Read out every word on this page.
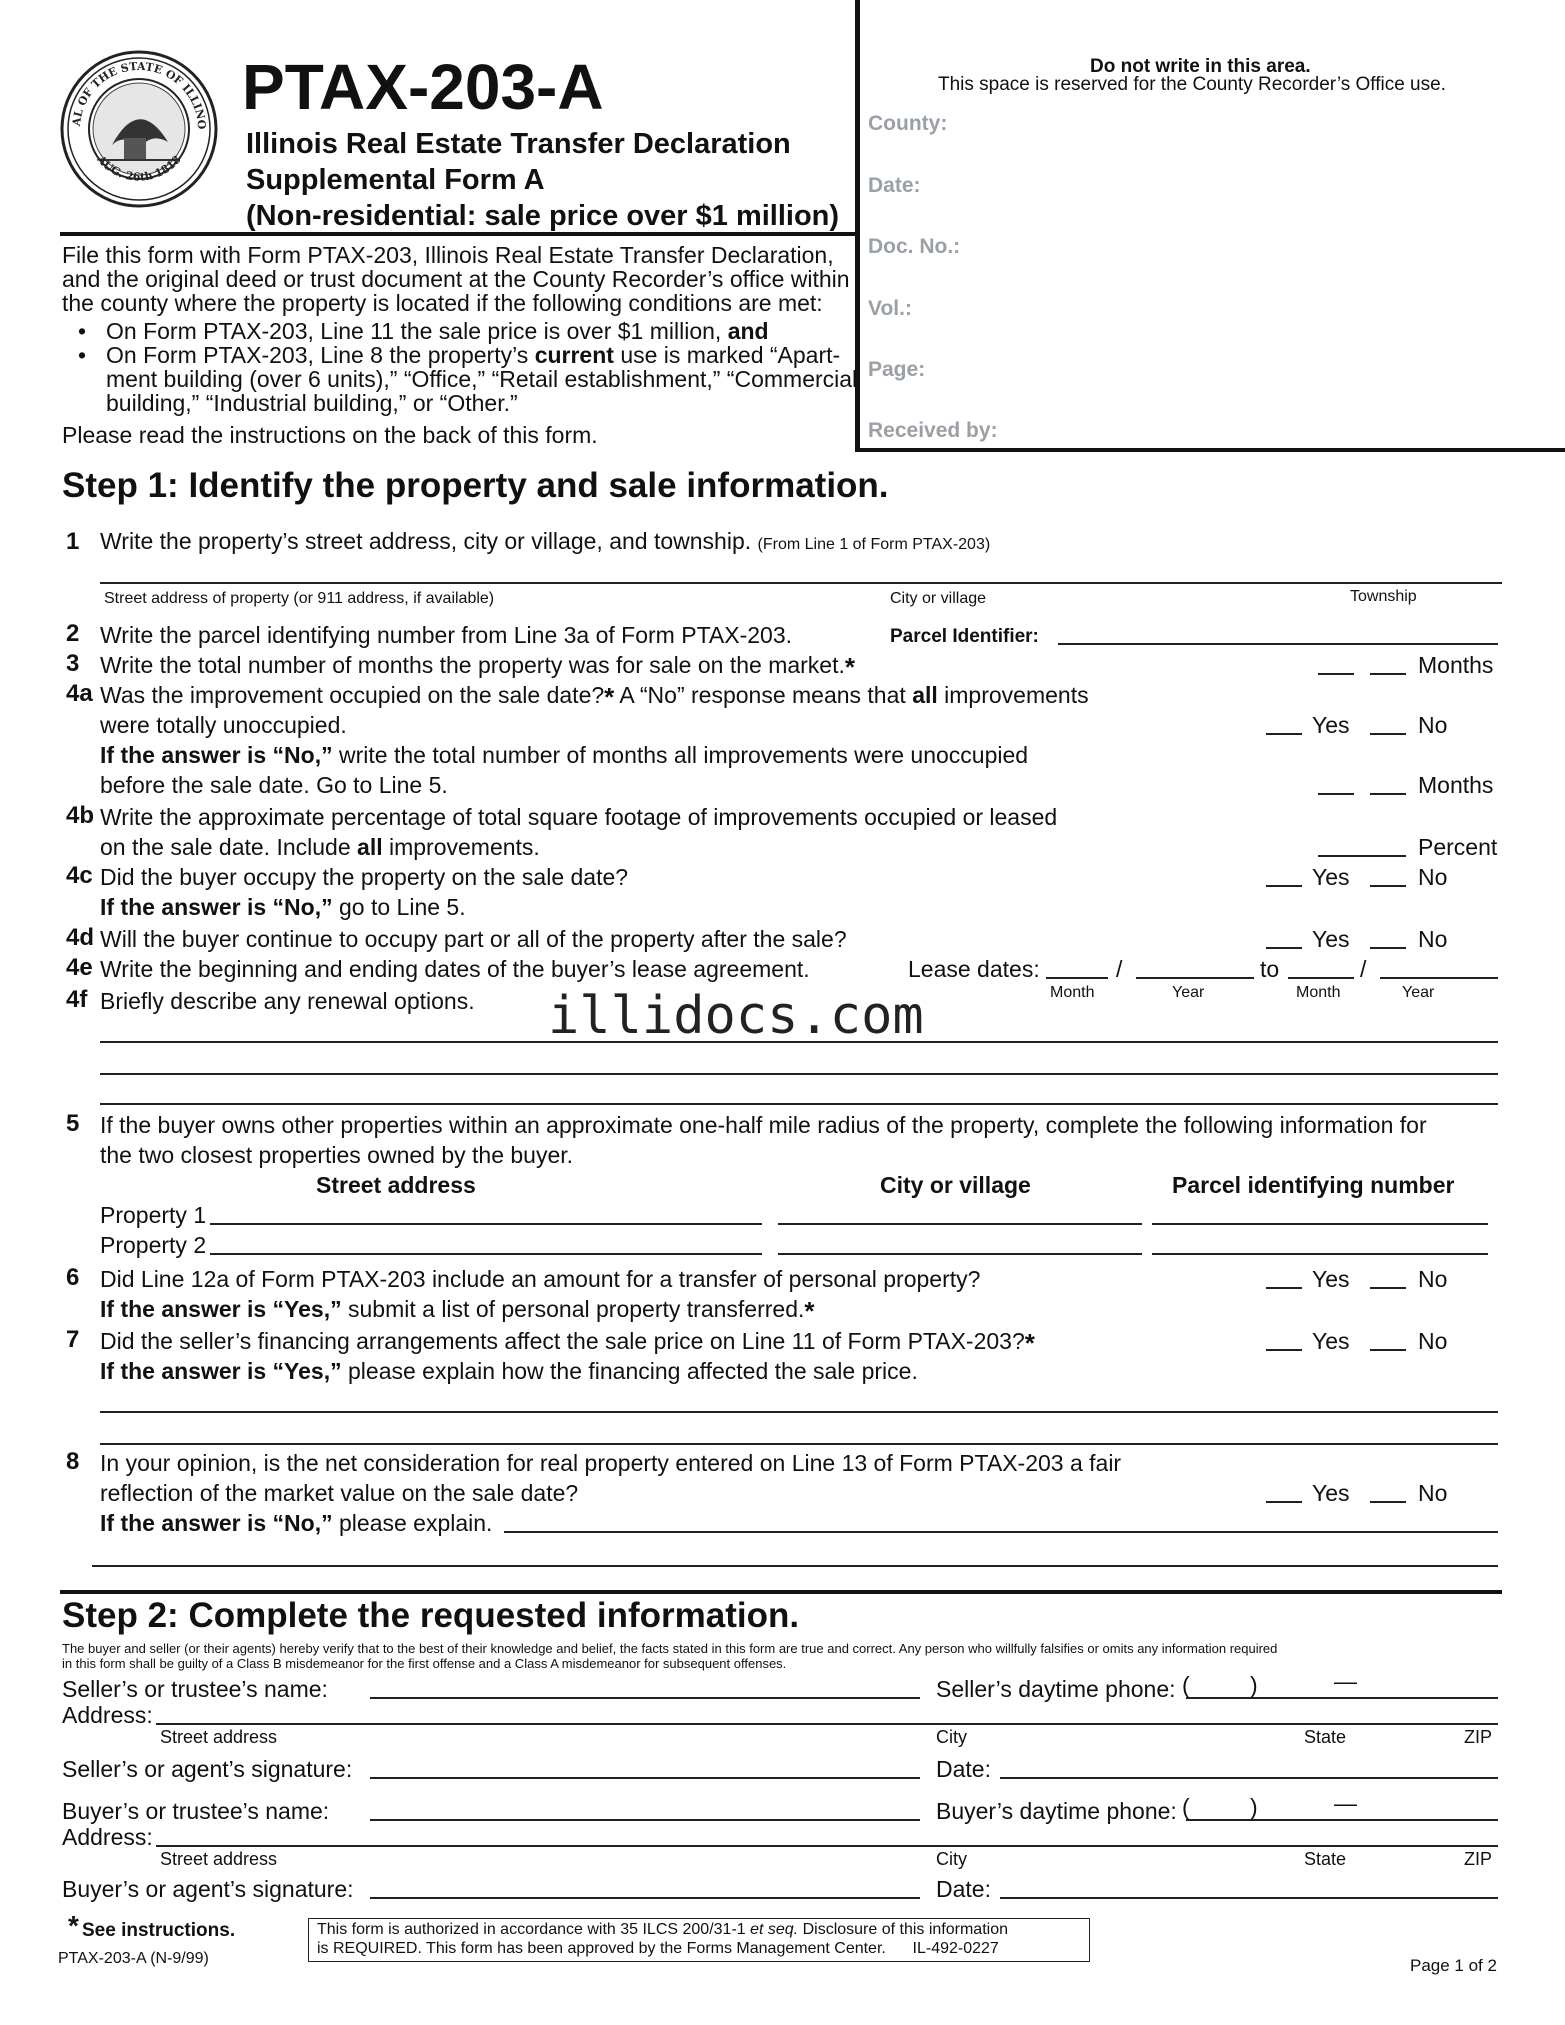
AL OF THE STATE OF ILLINO
AUG. 26th 1818
PTAX-203-A
Illinois Real Estate Transfer Declaration
Supplemental Form A
(Non-residential: sale price over $1 million)
File this form with Form PTAX-203, Illinois Real Estate Transfer Declaration,
and the original deed or trust document at the County Recorder’s office within
the county where the property is located if the following conditions are met:
• On Form PTAX-203, Line 11 the sale price is over $1 million, and
• On Form PTAX-203, Line 8 the property’s current use is marked “Apart-
ment building (over 6 units),” “Office,” “Retail establishment,” “Commercial
building,” “Industrial building,” or “Other.”
Please read the instructions on the back of this form.
Do not write in this area.
This space is reserved for the County Recorder’s Office use.
County:
Date:
Doc. No.:
Vol.:
Page:
Received by:
Step 1: Identify the property and sale information.
1 Write the property’s street address, city or village, and township. (From Line 1 of Form PTAX-203)
Street address of property (or 911 address, if available)	City or village	Township
2 Write the parcel identifying number from Line 3a of Form PTAX-203.	Parcel Identifier:
3 Write the total number of months the property was for sale on the market.*	Months
4a Was the improvement occupied on the sale date?* A “No” response means that all improvements
were totally unoccupied.	Yes	No
If the answer is “No,” write the total number of months all improvements were unoccupied
before the sale date. Go to Line 5.	Months
4b Write the approximate percentage of total square footage of improvements occupied or leased
on the sale date. Include all improvements.	Percent
4c Did the buyer occupy the property on the sale date?	Yes	No
If the answer is “No,” go to Line 5.
4d Will the buyer continue to occupy part or all of the property after the sale?	Yes	No
4e Write the beginning and ending dates of the buyer’s lease agreement.	Lease dates:	/	to	/
Month	Year	Month	Year
4f Briefly describe any renewal options. illidocs.com
5 If the buyer owns other properties within an approximate one-half mile radius of the property, complete the following information for
the two closest properties owned by the buyer.
Street address	City or village	Parcel identifying number
Property 1
Property 2
6 Did Line 12a of Form PTAX-203 include an amount for a transfer of personal property?	Yes	No
If the answer is “Yes,” submit a list of personal property transferred.*
7 Did the seller’s financing arrangements affect the sale price on Line 11 of Form PTAX-203?*	Yes	No
If the answer is “Yes,” please explain how the financing affected the sale price.
8 In your opinion, is the net consideration for real property entered on Line 13 of Form PTAX-203 a fair
reflection of the market value on the sale date?	Yes	No
If the answer is “No,” please explain.
Step 2: Complete the requested information.
The buyer and seller (or their agents) hereby verify that to the best of their knowledge and belief, the facts stated in this form are true and correct. Any person who willfully falsifies or omits any information required
in this form shall be guilty of a Class B misdemeanor for the first offense and a Class A misdemeanor for subsequent offenses.
Seller’s or trustee’s name:	Seller’s daytime phone: (	)	—
Address:
Street address	City	State	ZIP
Seller’s or agent’s signature:	Date:
Buyer’s or trustee’s name:	Buyer’s daytime phone: (	)	—
Address:
Street address	City	State	ZIP
Buyer’s or agent’s signature:	Date:
* See instructions.
PTAX-203-A (N-9/99)
This form is authorized in accordance with 35 ILCS 200/31-1 et seq. Disclosure of this information
is REQUIRED. This form has been approved by the Forms Management Center. IL-492-0227
Page 1 of 2
